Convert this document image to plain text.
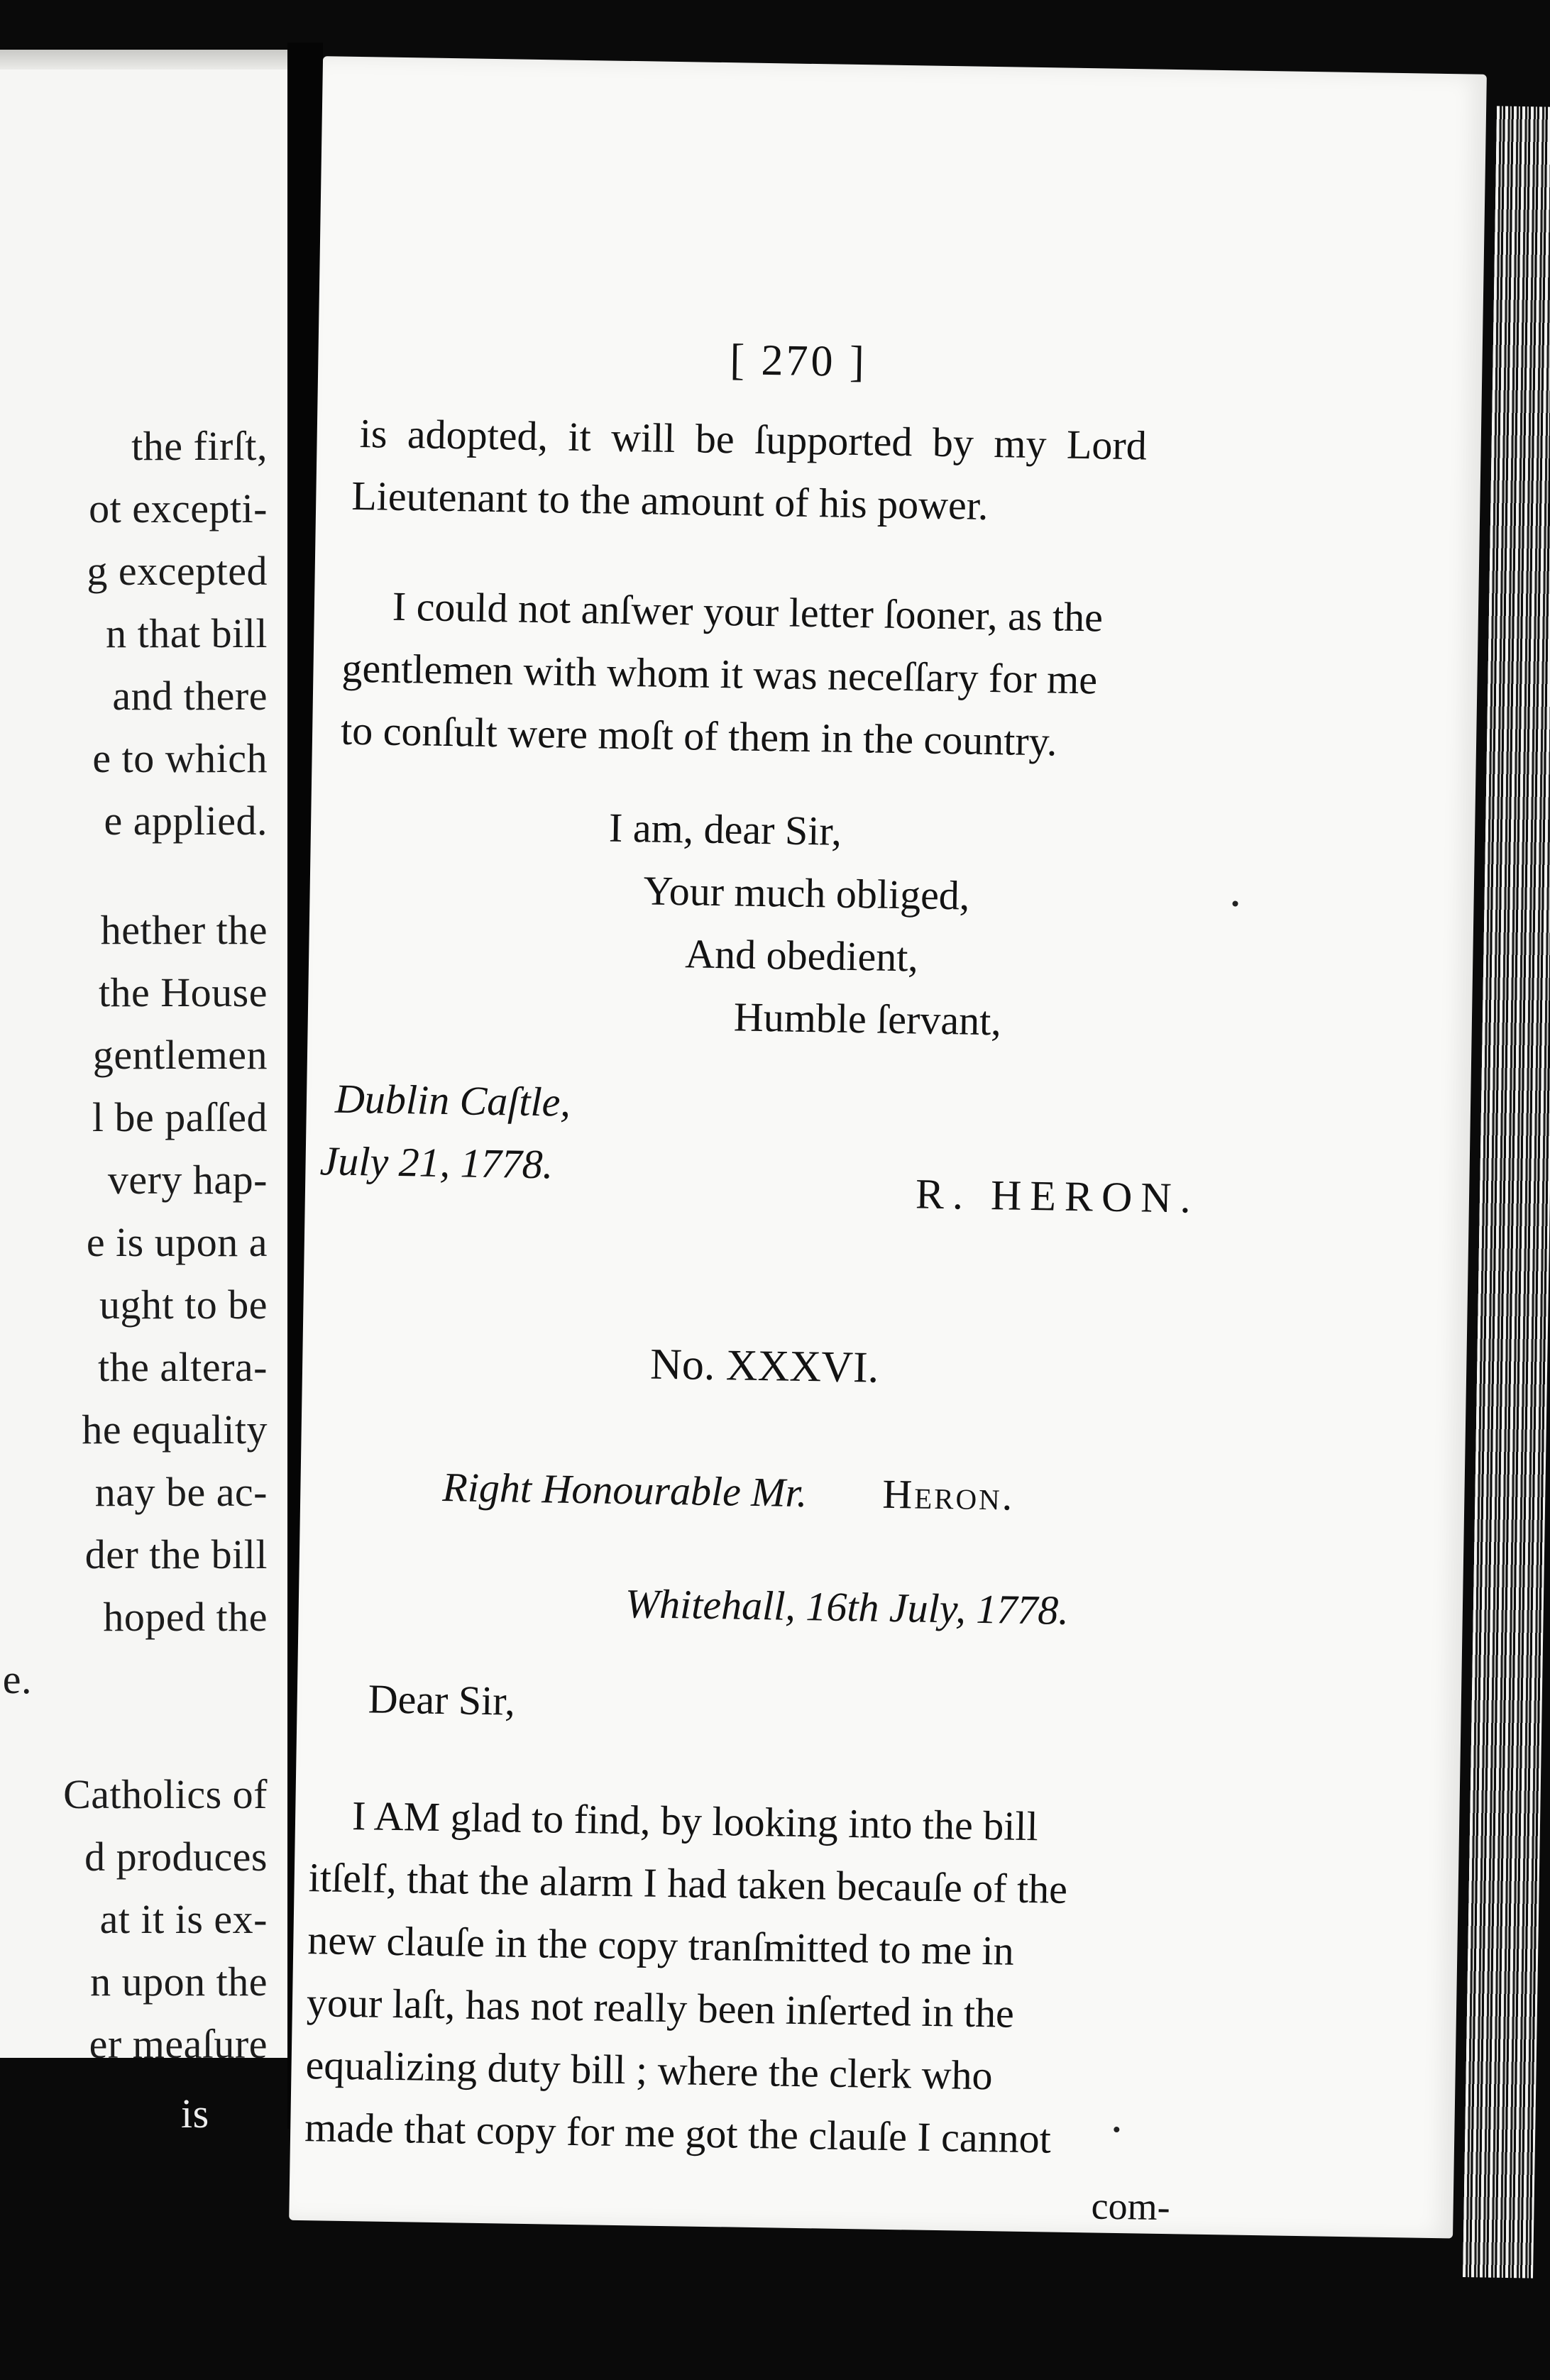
the firſt,
ot excepti-
g excepted
n that bill
and there
e to which
e applied.
hether the
the House
gentlemen
l be paſſed
very hap-
e is upon a
ught to be
the altera-
he equality
nay be ac-
der the bill
hoped the
e.
Catholics of
d produces
at it is ex-
n upon the
er meaſure
is
[ 270 ]
is adopted, it will be ſupported by my Lord
Lieutenant to the amount of his power.
I could not anſwer your letter ſooner, as the
gentlemen with whom it was neceſſary for me
to conſult were moſt of them in the country.
I am, dear Sir,
Your much obliged,
And obedient,
Humble ſervant,
Dublin Caſtle,
July 21, 1778.
R. HERON.
No. XXXVI.
Right Honourable Mr. Heron.
Whitehall, 16th July, 1778.
Dear Sir,
I AM glad to find, by looking into the bill
itſelf, that the alarm I had taken becauſe of the
new clauſe in the copy tranſmitted to me in
your laſt, has not really been inſerted in the
equalizing duty bill ; where the clerk who
made that copy for me got the clauſe I cannot
com-
